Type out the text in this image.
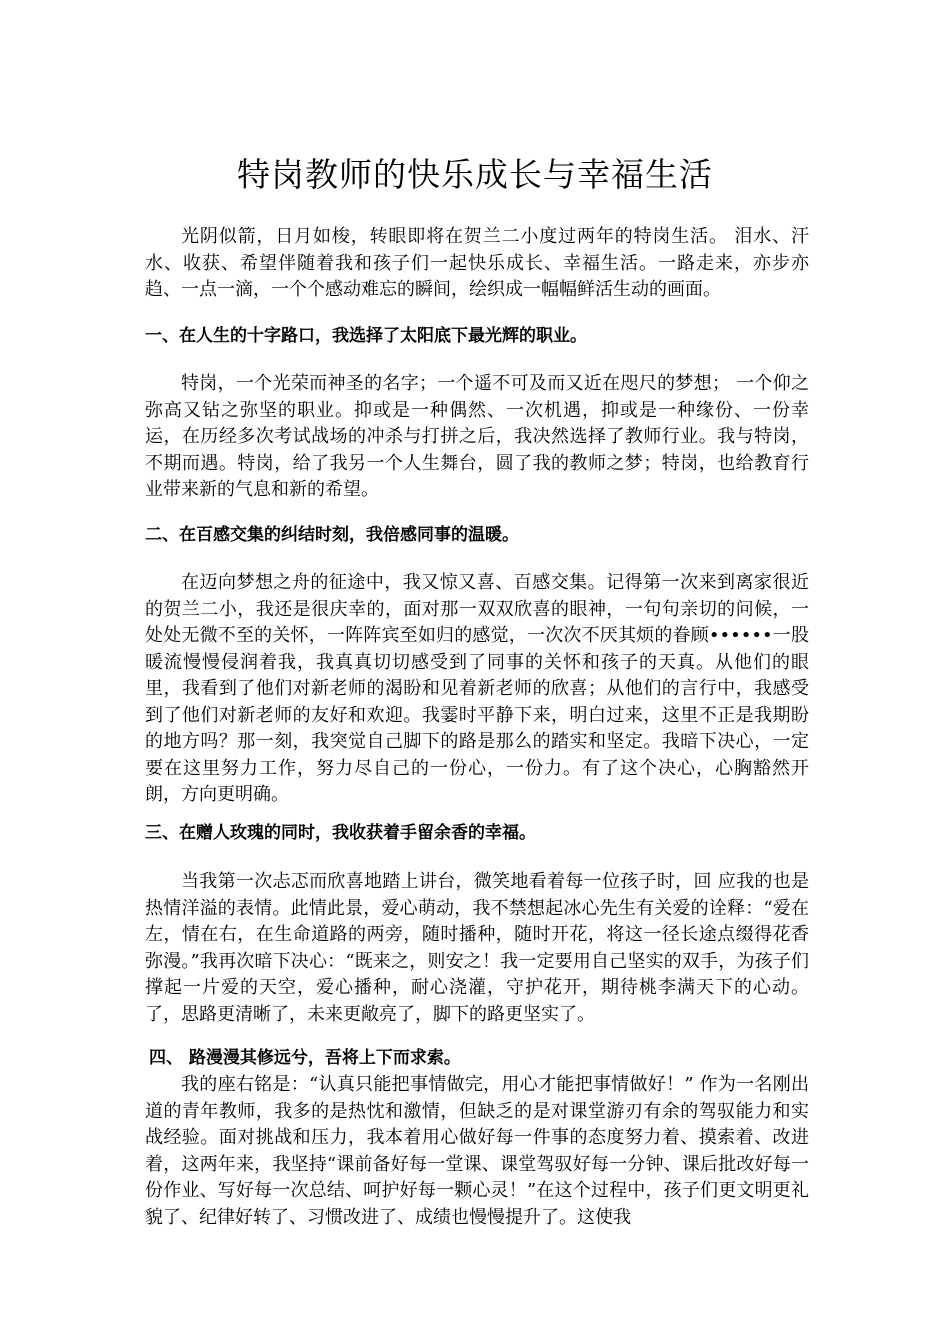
特岗教师的快乐成长与幸福生活

光阴似箭，日月如梭，转眼即将在贺兰二小度过两年的特岗生活。 泪水、汗水、收获、希望伴随着我和孩子们一起快乐成长、幸福生活。一路走来，亦步亦趋、一点一滴，一个个感动难忘的瞬间，绘织成一幅幅鲜活生动的画面。

一、在人生的十字路口，我选择了太阳底下最光辉的职业。

特岗，一个光荣而神圣的名字；一个遥不可及而又近在咫尺的梦想； 一个仰之弥高又钻之弥坚的职业。抑或是一种偶然、一次机遇，抑或是一种缘份、一份幸运，在历经多次考试战场的冲杀与打拼之后，我决然选择了教师行业。我与特岗，不期而遇。特岗，给了我另一个人生舞台，圆了我的教师之梦；特岗，也给教育行业带来新的气息和新的希望。

二、在百感交集的纠结时刻，我倍感同事的温暖。

在迈向梦想之舟的征途中，我又惊又喜、百感交集。记得第一次来到离家很近的贺兰二小，我还是很庆幸的，面对那一双双欣喜的眼神，一句句亲切的问候，一处处无微不至的关怀，一阵阵宾至如归的感觉，一次次不厌其烦的眷顾••••••一股暖流慢慢侵润着我，我真真切切感受到了同事的关怀和孩子的天真。从他们的眼里，我看到了他们对新老师的渴盼和见着新老师的欣喜；从他们的言行中，我感受到了他们对新老师的友好和欢迎。我霎时平静下来，明白过来，这里不正是我期盼的地方吗？那一刻，我突觉自己脚下的路是那么的踏实和坚定。我暗下决心，一定要在这里努力工作，努力尽自己的一份心，一份力。有了这个决心，心胸豁然开朗，方向更明确。

三、在赠人玫瑰的同时，我收获着手留余香的幸福。

当我第一次忐忑而欣喜地踏上讲台，微笑地看着每一位孩子时，回 应我的也是热情洋溢的表情。此情此景，爱心萌动，我不禁想起冰心先生有关爱的诠释：“爱在左，情在右，在生命道路的两旁，随时播种，随时开花，将这一径长途点缀得花香弥漫。”我再次暗下决心：“既来之，则安之！我一定要用自己坚实的双手，为孩子们撑起一片爱的天空，爱心播种，耐心浇灌，守护花开，期待桃李满天下的心动。了，思路更清晰了，未来更敞亮了，脚下的路更坚实了。

四、 路漫漫其修远兮，吾将上下而求索。

我的座右铭是：“认真只能把事情做完，用心才能把事情做好！” 作为一名刚出道的青年教师，我多的是热忱和激情，但缺乏的是对课堂游刃有余的驾驭能力和实战经验。面对挑战和压力，我本着用心做好每一件事的态度努力着、摸索着、改进着，这两年来，我坚持“课前备好每一堂课、课堂驾驭好每一分钟、课后批改好每一份作业、写好每一次总结、呵护好每一颗心灵！”在这个过程中，孩子们更文明更礼貌了、纪律好转了、习惯改进了、成绩也慢慢提升了。这使我
